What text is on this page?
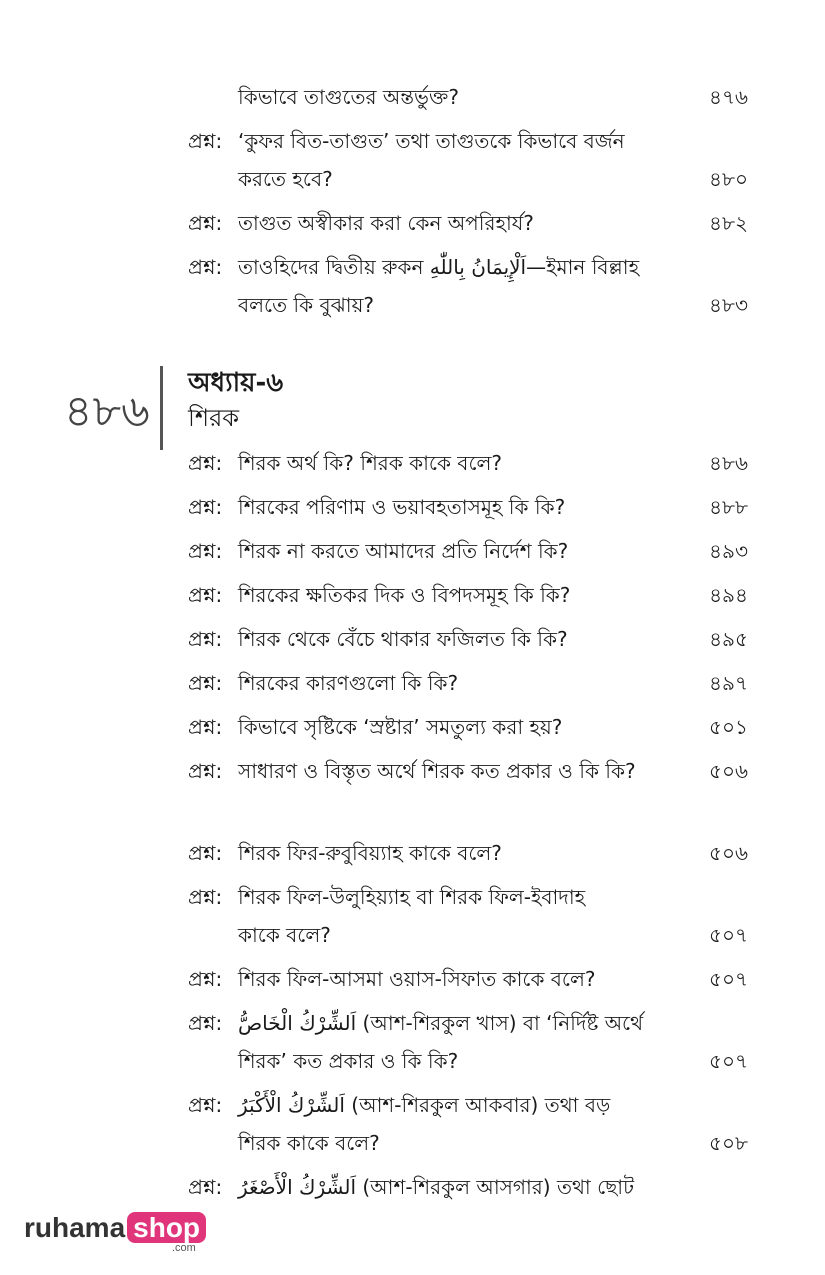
কিভাবে তাগুতের অন্তর্ভুক্ত?	৪৭৬
প্রশ্ন: ‘কুফর বিত-তাগুত’ তথা তাগুতকে কিভাবে বর্জন
করতে হবে?	৪৮০
প্রশ্ন: তাগুত অস্বীকার করা কেন অপরিহার্য?	৪৮২
প্রশ্ন: তাওহিদের দ্বিতীয় রুকন اَلْإِيمَانُ بِاللّٰهِ—ইমান বিল্লাহ
বলতে কি বুঝায়?	৪৮৩
৪৮৬
অধ্যায়-৬
শিরক
প্রশ্ন: শিরক অর্থ কি? শিরক কাকে বলে?	৪৮৬
প্রশ্ন: শিরকের পরিণাম ও ভয়াবহতাসমূহ কি কি?	৪৮৮
প্রশ্ন: শিরক না করতে আমাদের প্রতি নির্দেশ কি?	৪৯৩
প্রশ্ন: শিরকের ক্ষতিকর দিক ও বিপদসমূহ কি কি?	৪৯৪
প্রশ্ন: শিরক থেকে বেঁচে থাকার ফজিলত কি কি?	৪৯৫
প্রশ্ন: শিরকের কারণগুলো কি কি?	৪৯৭
প্রশ্ন: কিভাবে সৃষ্টিকে ‘স্রষ্টার’ সমতুল্য করা হয়?	৫০১
প্রশ্ন: সাধারণ ও বিস্তৃত অর্থে শিরক কত প্রকার ও কি কি?	৫০৬
প্রশ্ন: শিরক ফির-রুবুবিয়্যাহ কাকে বলে?	৫০৬
প্রশ্ন: শিরক ফিল-উলুহিয়্যাহ বা শিরক ফিল-ইবাদাহ
কাকে বলে?	৫০৭
প্রশ্ন: শিরক ফিল-আসমা ওয়াস-সিফাত কাকে বলে?	৫০৭
প্রশ্ন: اَلشِّرْكُ الْخَاصُّ (আশ-শিরকুল খাস) বা ‘নির্দিষ্ট অর্থে
শিরক’ কত প্রকার ও কি কি?	৫০৭
প্রশ্ন: اَلشِّرْكُ الْأَكْبَرُ (আশ-শিরকুল আকবার) তথা বড়
শিরক কাকে বলে?	৫০৮
প্রশ্ন: اَلشِّرْكُ الْأَصْغَرُ (আশ-শিরকুল আসগার) তথা ছোট
ruhama shop
.com
